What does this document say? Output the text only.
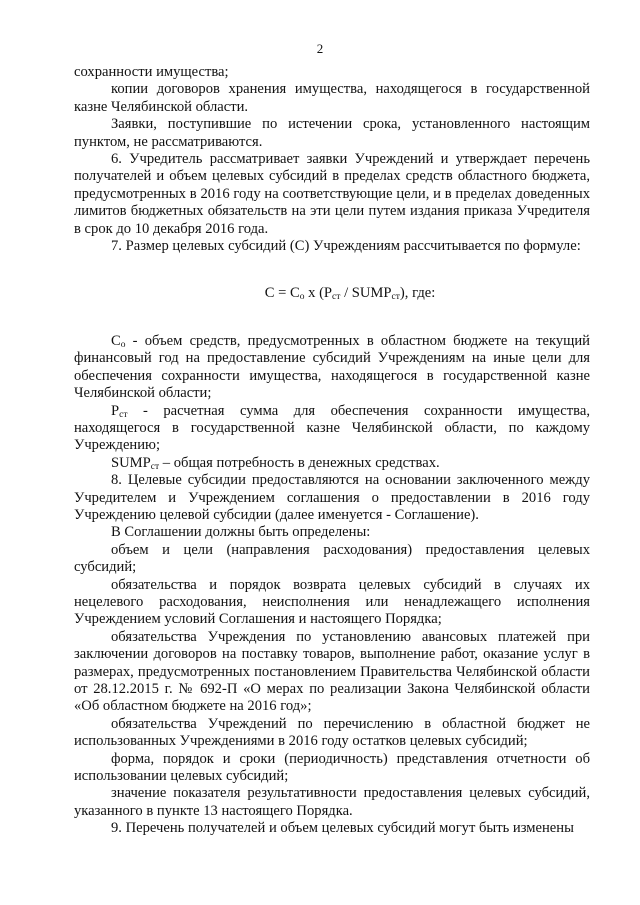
2

сохранности имущества;

копии договоров хранения имущества, находящегося в государственной казне Челябинской области.

Заявки, поступившие по истечении срока, установленного настоящим пунктом, не рассматриваются.

6. Учредитель рассматривает заявки Учреждений и утверждает перечень получателей и объем целевых субсидий в пределах средств областного бюджета, предусмотренных в 2016 году на соответствующие цели, и в пределах доведенных лимитов бюджетных обязательств на эти цели путем издания приказа Учредителя в срок до 10 декабря 2016 года.

7. Размер целевых субсидий (С) Учреждениям рассчитывается по формуле:

$С = С_о$ х ($Р_{ст}$ / $SUMP_{ст}$), где:

$С_о$ - объем средств, предусмотренных в областном бюджете на текущий финансовый год на предоставление субсидий Учреждениям на иные цели для обеспечения сохранности имущества, находящегося в государственной казне Челябинской области;

$Р_{ст}$ - расчетная сумма для обеспечения сохранности имущества, находящегося в государственной казне Челябинской области, по каждому Учреждению;

$SUMP_{ст}$ – общая потребность в денежных средствах.

8. Целевые субсидии предоставляются на основании заключенного между Учредителем и Учреждением соглашения о предоставлении в 2016 году Учреждению целевой субсидии (далее именуется - Соглашение).

В Соглашении должны быть определены:

объем и цели (направления расходования) предоставления целевых субсидий;

обязательства и порядок возврата целевых субсидий в случаях их нецелевого расходования, неисполнения или ненадлежащего исполнения Учреждением условий Соглашения и настоящего Порядка;

обязательства Учреждения по установлению авансовых платежей при заключении договоров на поставку товаров, выполнение работ, оказание услуг в размерах, предусмотренных постановлением Правительства Челябинской области от 28.12.2015 г. № 692-П «О мерах по реализации Закона Челябинской области «Об областном бюджете на 2016 год»;

обязательства Учреждений по перечислению в областной бюджет не использованных Учреждениями в 2016 году остатков целевых субсидий;

форма, порядок и сроки (периодичность) представления отчетности об использовании целевых субсидий;

значение показателя результативности предоставления целевых субсидий, указанного в пункте 13 настоящего Порядка.

9. Перечень получателей и объем целевых субсидий могут быть изменены
